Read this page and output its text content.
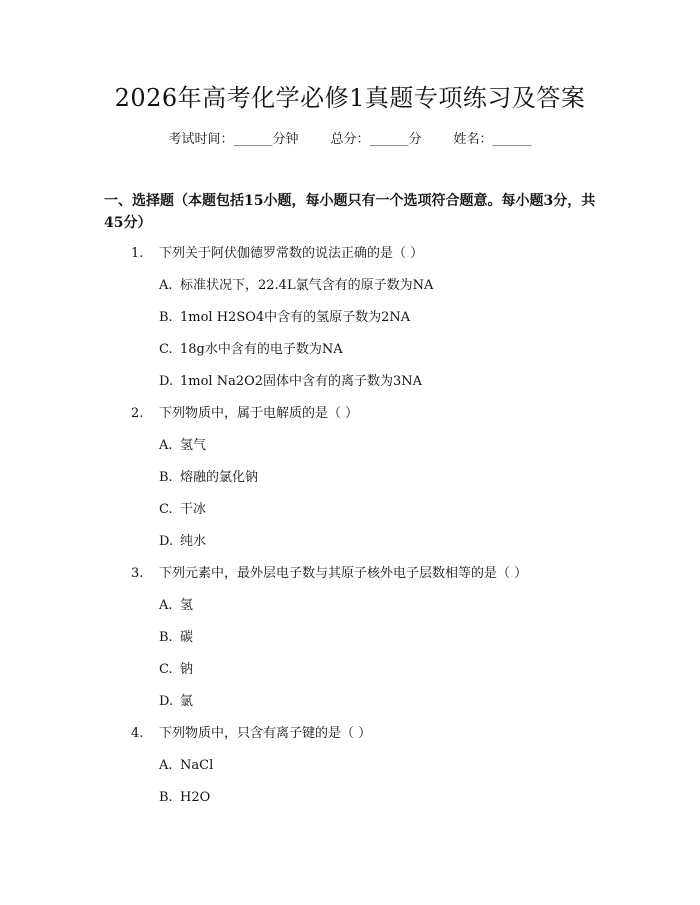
2026年高考化学必修1真题专项练习及答案
考试时间：______分钟 总分：______分 姓名：______
一、选择题（本题包括15小题，每小题只有一个选项符合题意。每小题3分，共45分）
1. 下列关于阿伏伽德罗常数的说法正确的是（ ）
A. 标准状况下，22.4L氯气含有的原子数为NA
B. 1mol H2SO4中含有的氢原子数为2NA
C. 18g水中含有的电子数为NA
D. 1mol Na2O2固体中含有的离子数为3NA
2. 下列物质中，属于电解质的是（ ）
A. 氢气
B. 熔融的氯化钠
C. 干冰
D. 纯水
3. 下列元素中，最外层电子数与其原子核外电子层数相等的是（ ）
A. 氢
B. 碳
C. 钠
D. 氯
4. 下列物质中，只含有离子键的是（ ）
A. NaCl
B. H2O
